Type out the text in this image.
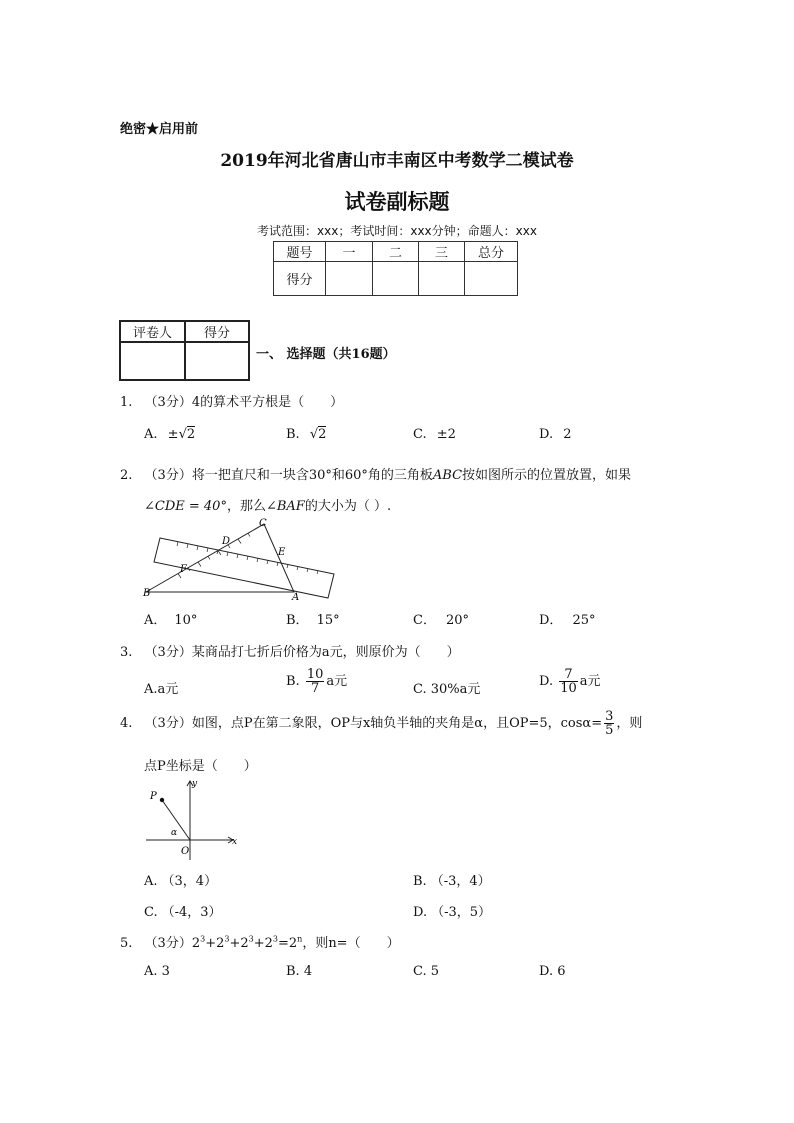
绝密★启用前
2019年河北省唐山市丰南区中考数学二模试卷
试卷副标题
考试范围：xxx；考试时间：xxx分钟；命题人：xxx
题号	一	二	三	总分
得分				
评卷人	得分

一、 选择题（共16题）
1. （3分）4的算术平方根是（　　）
A. ±√2	B. √2	C. ±2	D. 2
2. （3分）将一把直尺和一块含30°和60°角的三角板ABC按如图所示的位置放置，如果
∠CDE = 40°，那么∠BAF的大小为（ ）.
C
D
E
F
B	A
A． 10°	B． 15°	C． 20°	D． 25°
3. （3分）某商品打七折后价格为a元，则原价为（　　）
A.a元
B. $\frac{10}{7}$ a元
C. 30%a元
D. $\frac{7}{10}$ a元
4. （3分）如图，点P在第二象限，OP与x轴负半轴的夹角是α，且OP=5，$\cos\alpha= \frac{3}{5}$ ，则
点P坐标是（　　）
y
P
α
O
x
A. （3，4）	B. （-3，4）
C. （-4，3）	D. （-3，5）
5. （3分）$2^3+2^3+2^3+2^3=2^n$，则n=（　　）
A. 3	B. 4	C. 5	D. 6
